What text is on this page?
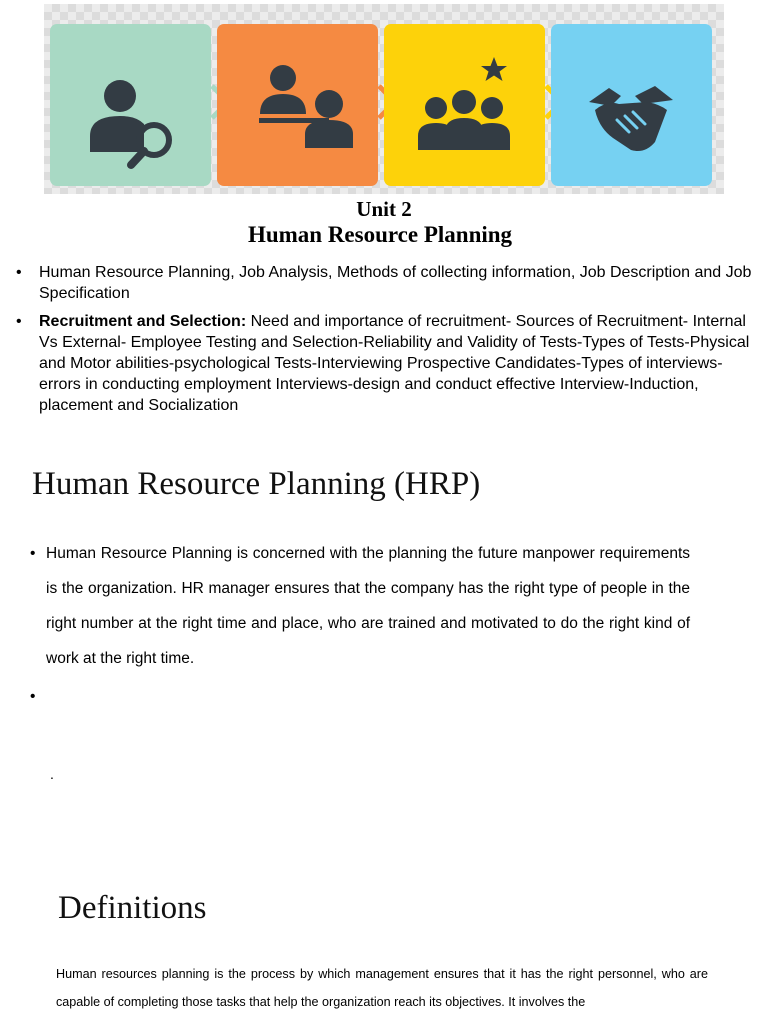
Unit 2
Human Resource Planning
• Human Resource Planning, Job Analysis, Methods of collecting information, Job Description and Job Specification
• Recruitment and Selection: Need and importance of recruitment- Sources of Recruitment- Internal Vs External- Employee Testing and Selection-Reliability and Validity of Tests-Types of Tests-Physical and Motor abilities-psychological Tests-Interviewing Prospective Candidates-Types of interviews-errors in conducting employment Interviews-design and conduct effective Interview-Induction, placement and Socialization
Human Resource Planning (HRP)
• Human Resource Planning is concerned with the planning the future manpower requirements is the organization. HR manager ensures that the company has the right type of people in the right number at the right time and place, who are trained and motivated to do the right kind of work at the right time.
•
.
Definitions
Human resources planning is the process by which management ensures that it has the right personnel, who are capable of completing those tasks that help the organization reach its objectives. It involves the
